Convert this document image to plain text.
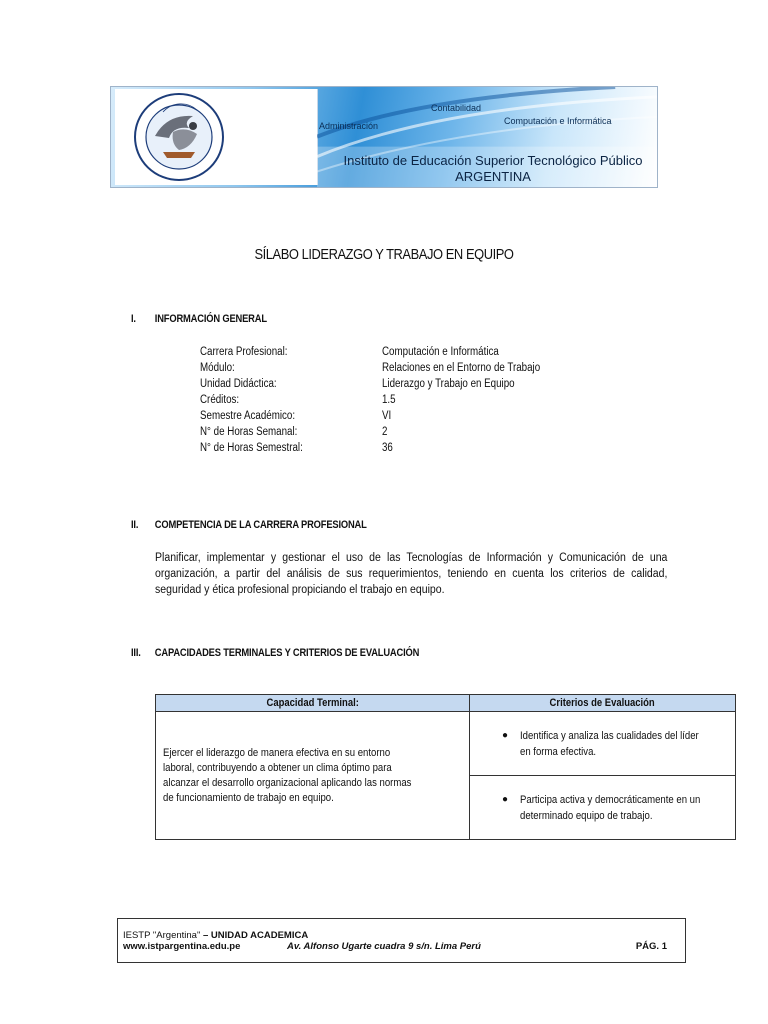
Contabilidad
Administración	Computación e Informática
Instituto de Educación Superior Tecnológico Público
ARGENTINA
SÍLABO LIDERAZGO Y TRABAJO EN EQUIPO
I. INFORMACIÓN GENERAL
Carrera Profesional:	Computación e Informática
Módulo:	Relaciones en el Entorno de Trabajo
Unidad Didáctica:	Liderazgo y Trabajo en Equipo
Créditos:	1.5
Semestre Académico:	VI
N° de Horas Semanal:	2
N° de Horas Semestral:	36
II. COMPETENCIA DE LA CARRERA PROFESIONAL
Planificar, implementar y gestionar el uso de las Tecnologías de Información y Comunicación de una organización, a partir del análisis de sus requerimientos, teniendo en cuenta los criterios de calidad, seguridad y ética profesional propiciando el trabajo en equipo.
III. CAPACIDADES TERMINALES Y CRITERIOS DE EVALUACIÓN
Capacidad Terminal:	Criterios de Evaluación

Ejercer el liderazgo de manera efectiva en su entorno laboral, contribuyendo a obtener un clima óptimo para alcanzar el desarrollo organizacional aplicando las normas de funcionamiento de trabajo en equipo.	● Identifica y analiza las cualidades del líder en forma efectiva.

	● Participa activa y democráticamente en un determinado equipo de trabajo.
IESTP "Argentina" – UNIDAD ACADEMICA
www.istpargentina.edu.pe	Av. Alfonso Ugarte cuadra 9 s/n. Lima Perú	PÁG. 1
